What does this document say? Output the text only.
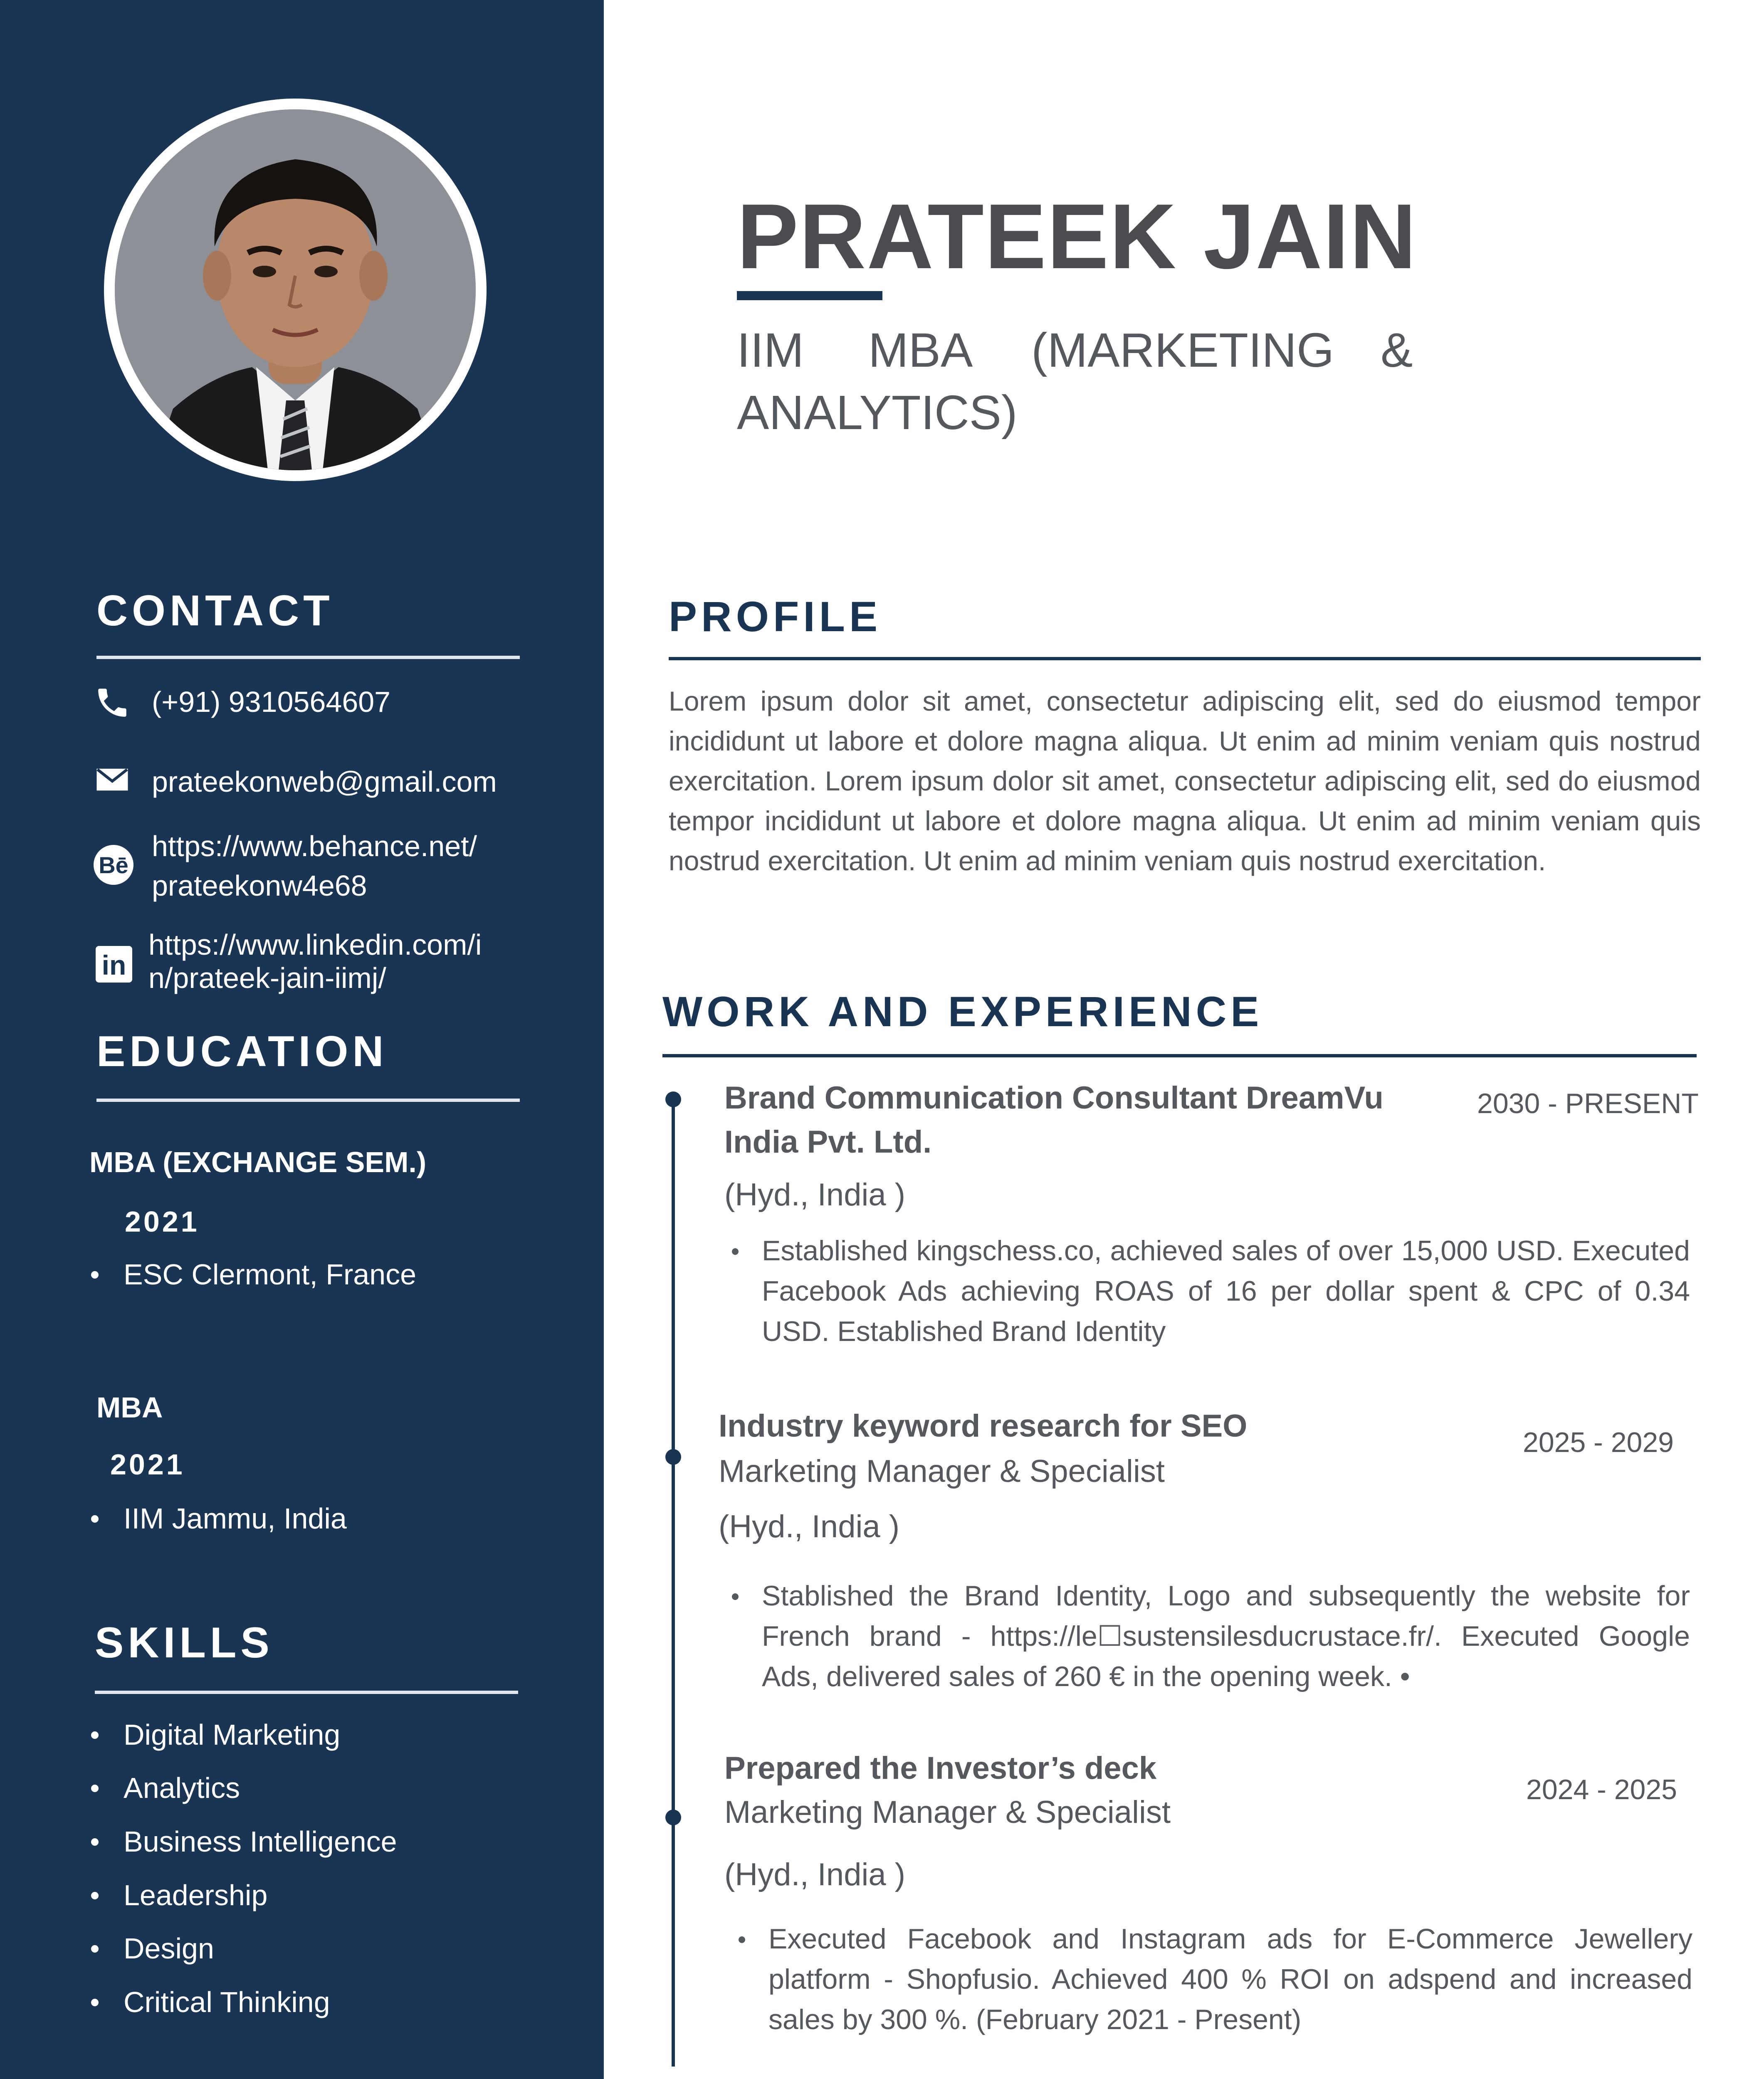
CONTACT
(+91) 9310564607
prateekonweb@gmail.com
Bē
https://www.behance.net/
prateekonw4e68
in
https://www.linkedin.com/i
n/prateek-jain-iimj/
EDUCATION
MBA (EXCHANGE SEM.)
2021
ESC Clermont, France
MBA
2021
IIM Jammu, India
SKILLS
Digital Marketing
Analytics
Business Intelligence
Leadership
Design
Critical Thinking
PRATEEK JAIN
IIM MBA (MARKETING &
ANALYTICS)
PROFILE
Lorem ipsum dolor sit amet, consectetur adipiscing elit, sed do eiusmod tempor incididunt ut labore et dolore magna aliqua. Ut enim ad minim veniam quis nostrud exercitation. Lorem ipsum dolor sit amet, consectetur adipiscing elit, sed do eiusmod tempor incididunt ut labore et dolore magna aliqua. Ut enim ad minim veniam quis nostrud exercitation. Ut enim ad minim veniam quis nostrud exercitation.
WORK AND EXPERIENCE
Brand Communication Consultant DreamVu
India Pvt. Ltd.
2030 - PRESENT
(Hyd., India )
Established kingschess.co, achieved sales of over 15,000 USD. Executed Facebook Ads achieving ROAS of 16 per dollar spent & CPC of 0.34 USD. Established Brand Identity
Industry keyword research for SEO	2025 - 2029
Marketing Manager & Specialist
(Hyd., India )
Stablished the Brand Identity, Logo and subsequently the website for French brand - https://le☐sustensilesducrustace.fr/. Executed Google Ads, delivered sales of 260 € in the opening week. •
Prepared the Investor’s deck
2024 - 2025
Marketing Manager & Specialist
(Hyd., India )
Executed Facebook and Instagram ads for E-Commerce Jewellery platform - Shopfusio. Achieved 400 % ROI on adspend and increased sales by 300 %. (February 2021 - Present)
